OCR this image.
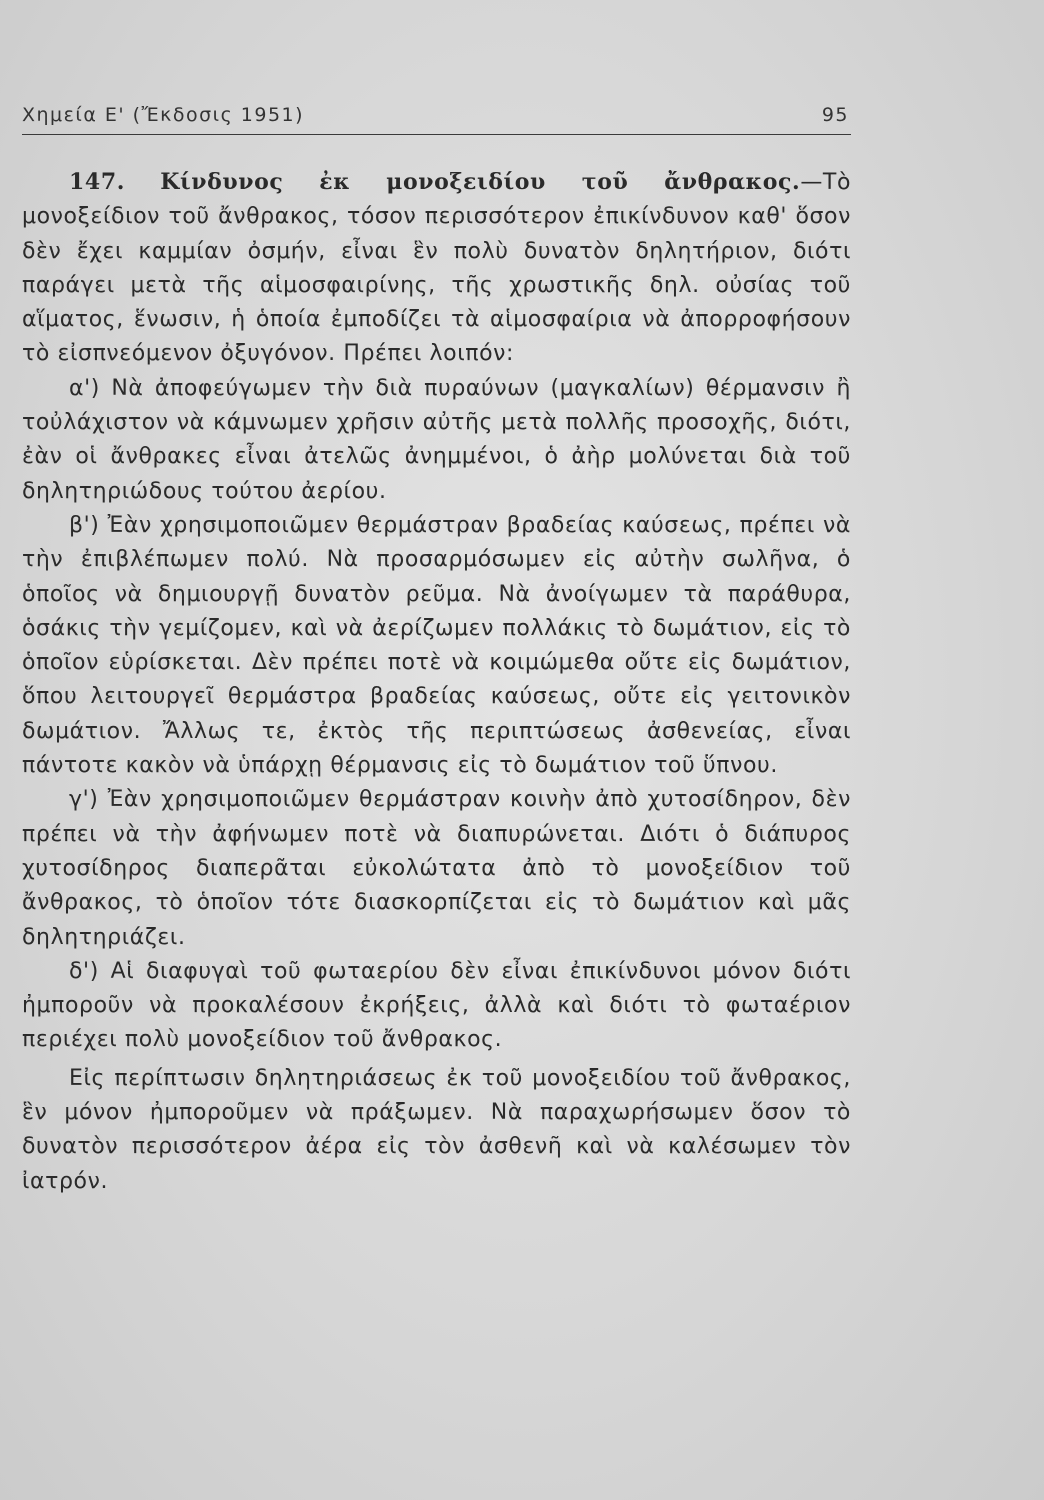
Χημεία Ε' (Ἔκδοσις 1951)	95

147. Κίνδυνος ἐκ μονοξειδίου τοῦ ἄνθρακος.—Τὸ μονοξείδιον τοῦ ἄνθρακος, τόσον περισσότερον ἐπικίνδυνον καθ' ὅσον δὲν ἔχει καμμίαν ὀσμήν, εἶναι ἓν πολὺ δυνατὸν δηλητήριον, διότι παράγει μετὰ τῆς αἱμοσφαιρίνης, τῆς χρωστικῆς δηλ. οὐσίας τοῦ αἵματος, ἕνωσιν, ἡ ὁποία ἐμποδίζει τὰ αἱμοσφαίρια νὰ ἀπορροφήσουν τὸ εἰσπνεόμενον ὀξυγόνον. Πρέπει λοιπόν:

α') Νὰ ἀποφεύγωμεν τὴν διὰ πυραύνων (μαγκαλίων) θέρμανσιν ἢ τοὐλάχιστον νὰ κάμνωμεν χρῆσιν αὐτῆς μετὰ πολλῆς προσοχῆς, διότι, ἐὰν οἱ ἄνθρακες εἶναι ἀτελῶς ἀνημμένοι, ὁ ἀὴρ μολύνεται διὰ τοῦ δηλητηριώδους τούτου ἀερίου.

β') Ἐὰν χρησιμοποιῶμεν θερμάστραν βραδείας καύσεως, πρέπει νὰ τὴν ἐπιβλέπωμεν πολύ. Νὰ προσαρμόσωμεν εἰς αὐτὴν σωλῆνα, ὁ ὁποῖος νὰ δημιουργῇ δυνατὸν ρεῦμα. Νὰ ἀνοίγωμεν τὰ παράθυρα, ὁσάκις τὴν γεμίζομεν, καὶ νὰ ἀερίζωμεν πολλάκις τὸ δωμάτιον, εἰς τὸ ὁποῖον εὑρίσκεται. Δὲν πρέπει ποτὲ νὰ κοιμώμεθα οὔτε εἰς δωμάτιον, ὅπου λειτουργεῖ θερμάστρα βραδείας καύσεως, οὔτε εἰς γειτονικὸν δωμάτιον. Ἄλλως τε, ἐκτὸς τῆς περιπτώσεως ἀσθενείας, εἶναι πάντοτε κακὸν νὰ ὑπάρχῃ θέρμανσις εἰς τὸ δωμάτιον τοῦ ὕπνου.

γ') Ἐὰν χρησιμοποιῶμεν θερμάστραν κοινὴν ἀπὸ χυτοσίδηρον, δὲν πρέπει νὰ τὴν ἀφήνωμεν ποτὲ νὰ διαπυρώνεται. Διότι ὁ διάπυρος χυτοσίδηρος διαπερᾶται εὐκολώτατα ἀπὸ τὸ μονοξείδιον τοῦ ἄνθρακος, τὸ ὁποῖον τότε διασκορπίζεται εἰς τὸ δωμάτιον καὶ μᾶς δηλητηριάζει.

δ') Αἱ διαφυγαὶ τοῦ φωταερίου δὲν εἶναι ἐπικίνδυνοι μόνον διότι ἠμποροῦν νὰ προκαλέσουν ἐκρήξεις, ἀλλὰ καὶ διότι τὸ φωταέριον περιέχει πολὺ μονοξείδιον τοῦ ἄνθρακος.

Εἰς περίπτωσιν δηλητηριάσεως ἐκ τοῦ μονοξειδίου τοῦ ἄνθρακος, ἓν μόνον ἠμποροῦμεν νὰ πράξωμεν. Νὰ παραχωρήσωμεν ὅσον τὸ δυνατὸν περισσότερον ἀέρα εἰς τὸν ἀσθενῆ καὶ νὰ καλέσωμεν τὸν ἰατρόν.
